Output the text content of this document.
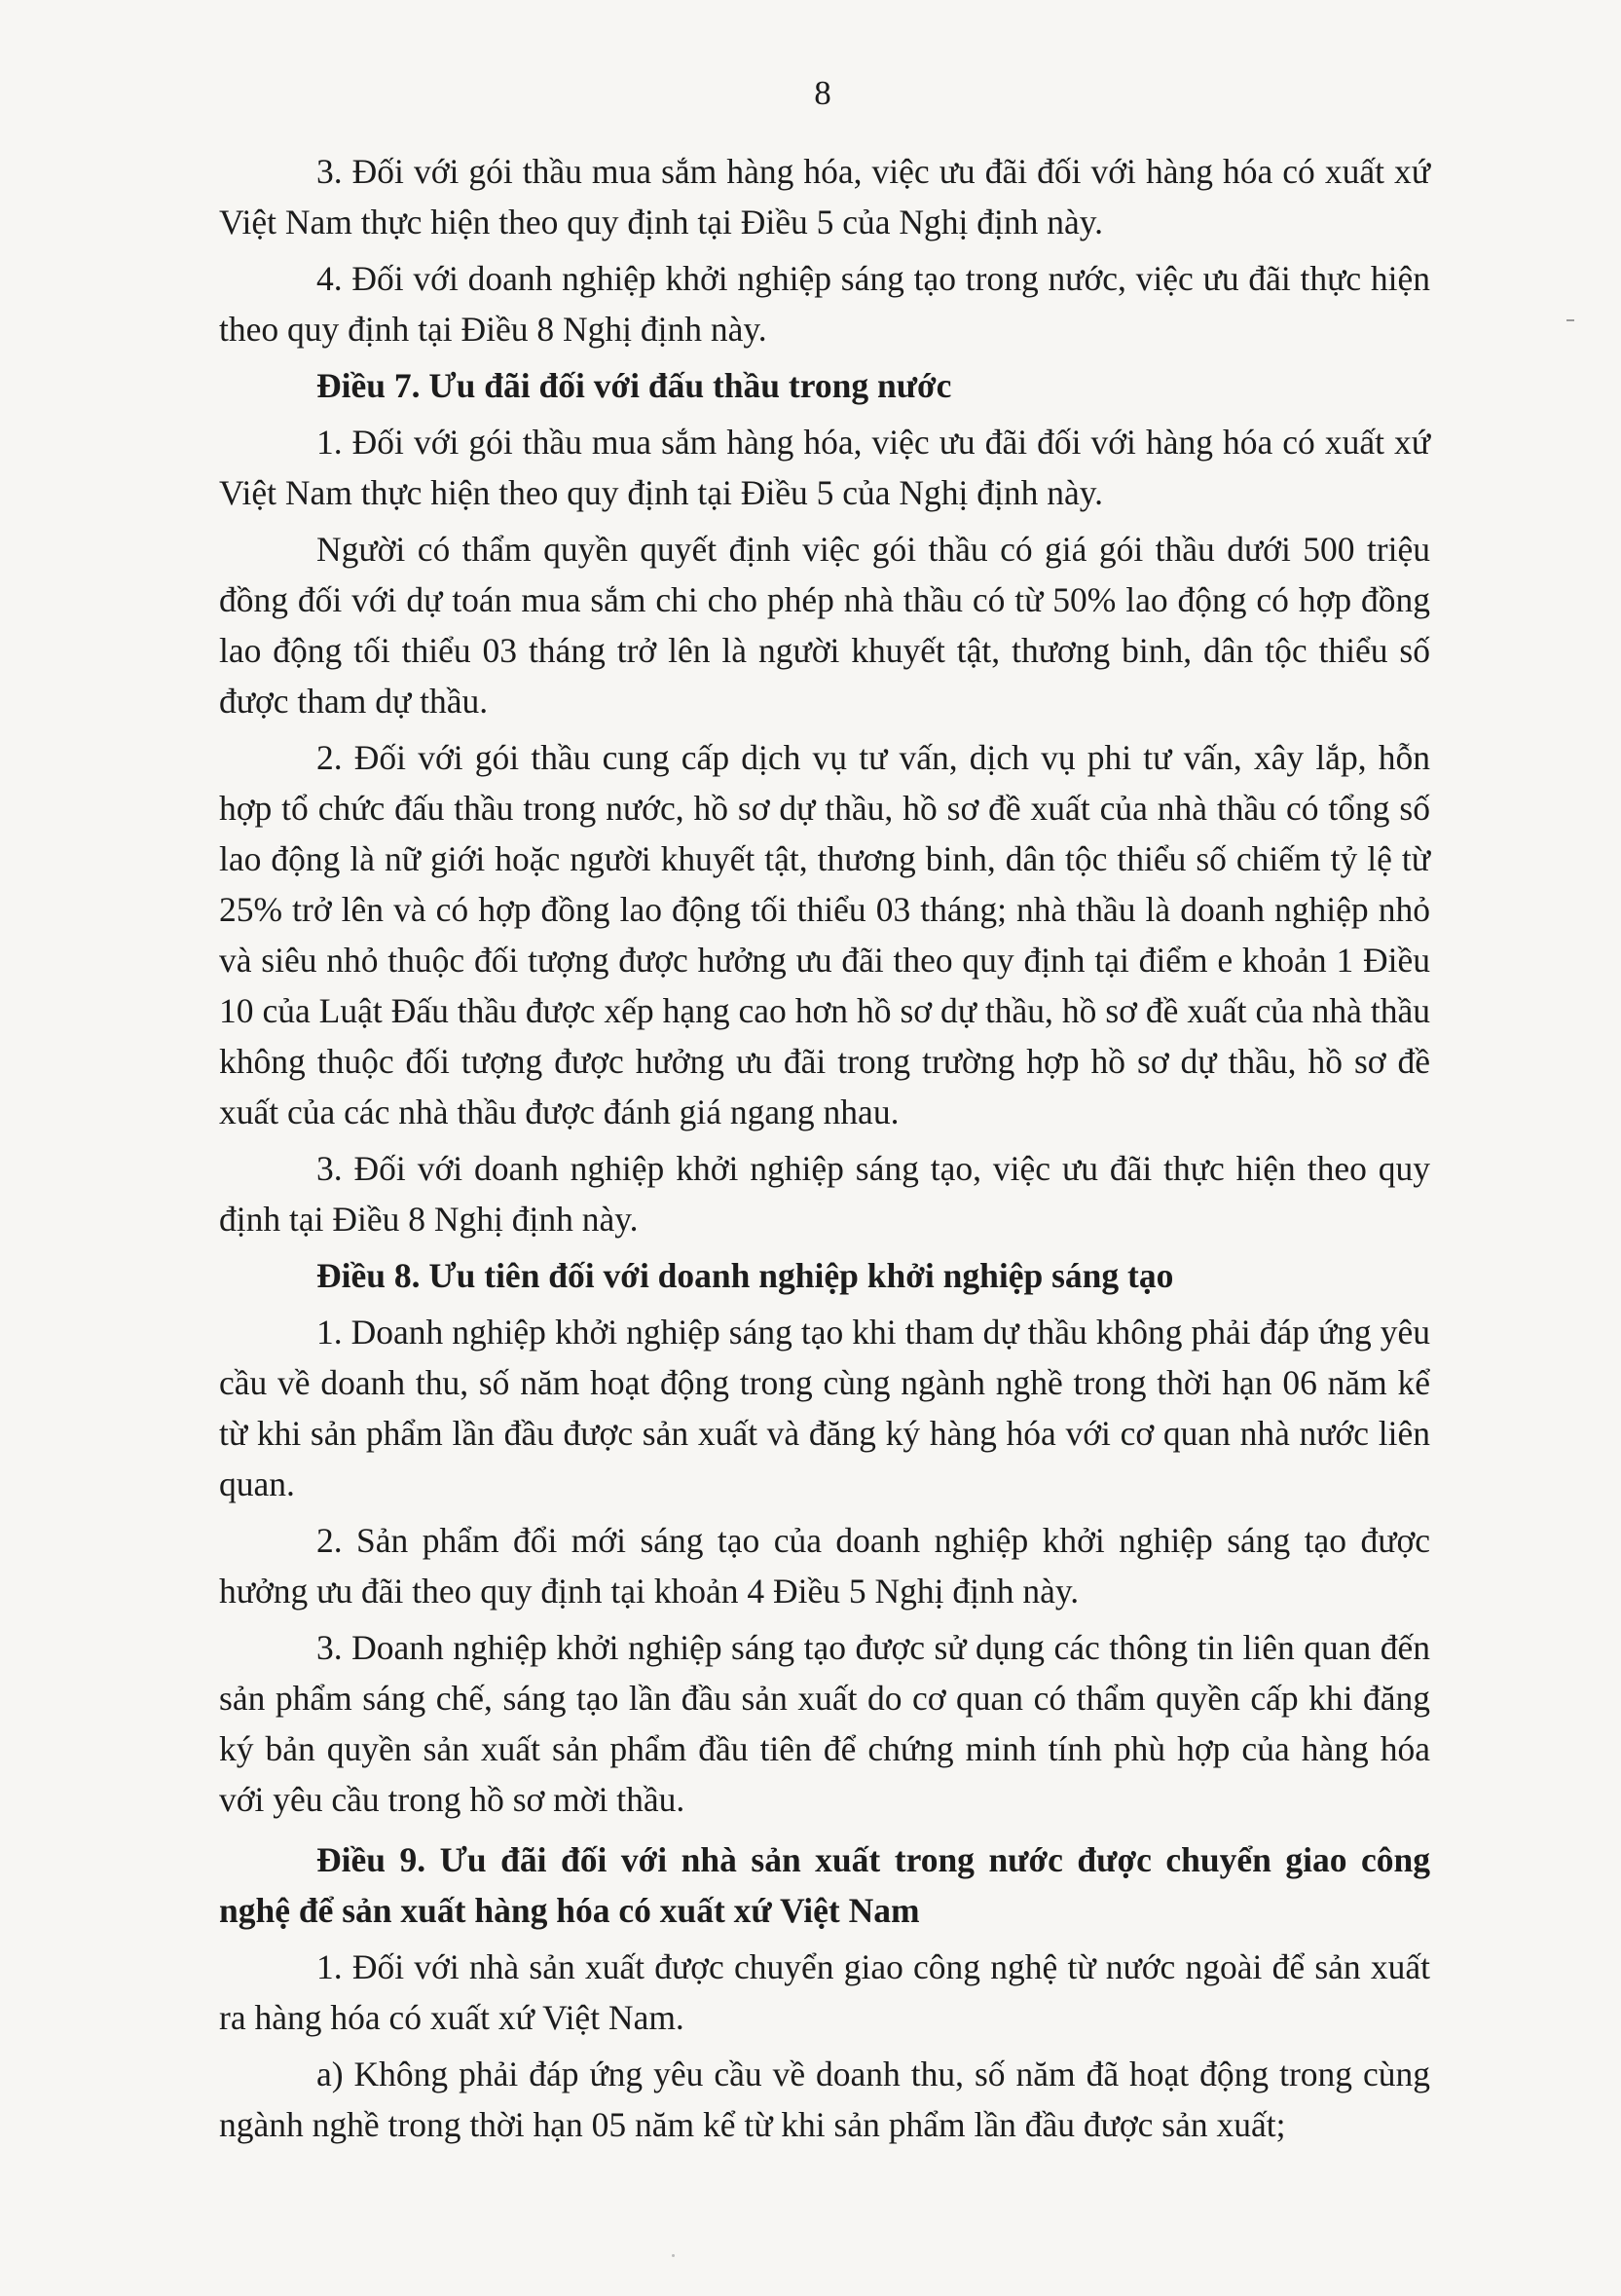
8

3. Đối với gói thầu mua sắm hàng hóa, việc ưu đãi đối với hàng hóa có xuất xứ Việt Nam thực hiện theo quy định tại Điều 5 của Nghị định này.

4. Đối với doanh nghiệp khởi nghiệp sáng tạo trong nước, việc ưu đãi thực hiện theo quy định tại Điều 8 Nghị định này.

Điều 7. Ưu đãi đối với đấu thầu trong nước

1. Đối với gói thầu mua sắm hàng hóa, việc ưu đãi đối với hàng hóa có xuất xứ Việt Nam thực hiện theo quy định tại Điều 5 của Nghị định này.

Người có thẩm quyền quyết định việc gói thầu có giá gói thầu dưới 500 triệu đồng đối với dự toán mua sắm chi cho phép nhà thầu có từ 50% lao động có hợp đồng lao động tối thiểu 03 tháng trở lên là người khuyết tật, thương binh, dân tộc thiểu số được tham dự thầu.

2. Đối với gói thầu cung cấp dịch vụ tư vấn, dịch vụ phi tư vấn, xây lắp, hỗn hợp tổ chức đấu thầu trong nước, hồ sơ dự thầu, hồ sơ đề xuất của nhà thầu có tổng số lao động là nữ giới hoặc người khuyết tật, thương binh, dân tộc thiểu số chiếm tỷ lệ từ 25% trở lên và có hợp đồng lao động tối thiểu 03 tháng; nhà thầu là doanh nghiệp nhỏ và siêu nhỏ thuộc đối tượng được hưởng ưu đãi theo quy định tại điểm e khoản 1 Điều 10 của Luật Đấu thầu được xếp hạng cao hơn hồ sơ dự thầu, hồ sơ đề xuất của nhà thầu không thuộc đối tượng được hưởng ưu đãi trong trường hợp hồ sơ dự thầu, hồ sơ đề xuất của các nhà thầu được đánh giá ngang nhau.

3. Đối với doanh nghiệp khởi nghiệp sáng tạo, việc ưu đãi thực hiện theo quy định tại Điều 8 Nghị định này.

Điều 8. Ưu tiên đối với doanh nghiệp khởi nghiệp sáng tạo

1. Doanh nghiệp khởi nghiệp sáng tạo khi tham dự thầu không phải đáp ứng yêu cầu về doanh thu, số năm hoạt động trong cùng ngành nghề trong thời hạn 06 năm kể từ khi sản phẩm lần đầu được sản xuất và đăng ký hàng hóa với cơ quan nhà nước liên quan.

2. Sản phẩm đổi mới sáng tạo của doanh nghiệp khởi nghiệp sáng tạo được hưởng ưu đãi theo quy định tại khoản 4 Điều 5 Nghị định này.

3. Doanh nghiệp khởi nghiệp sáng tạo được sử dụng các thông tin liên quan đến sản phẩm sáng chế, sáng tạo lần đầu sản xuất do cơ quan có thẩm quyền cấp khi đăng ký bản quyền sản xuất sản phẩm đầu tiên để chứng minh tính phù hợp của hàng hóa với yêu cầu trong hồ sơ mời thầu.

Điều 9. Ưu đãi đối với nhà sản xuất trong nước được chuyển giao công nghệ để sản xuất hàng hóa có xuất xứ Việt Nam

1. Đối với nhà sản xuất được chuyển giao công nghệ từ nước ngoài để sản xuất ra hàng hóa có xuất xứ Việt Nam.

a) Không phải đáp ứng yêu cầu về doanh thu, số năm đã hoạt động trong cùng ngành nghề trong thời hạn 05 năm kể từ khi sản phẩm lần đầu được sản xuất;
